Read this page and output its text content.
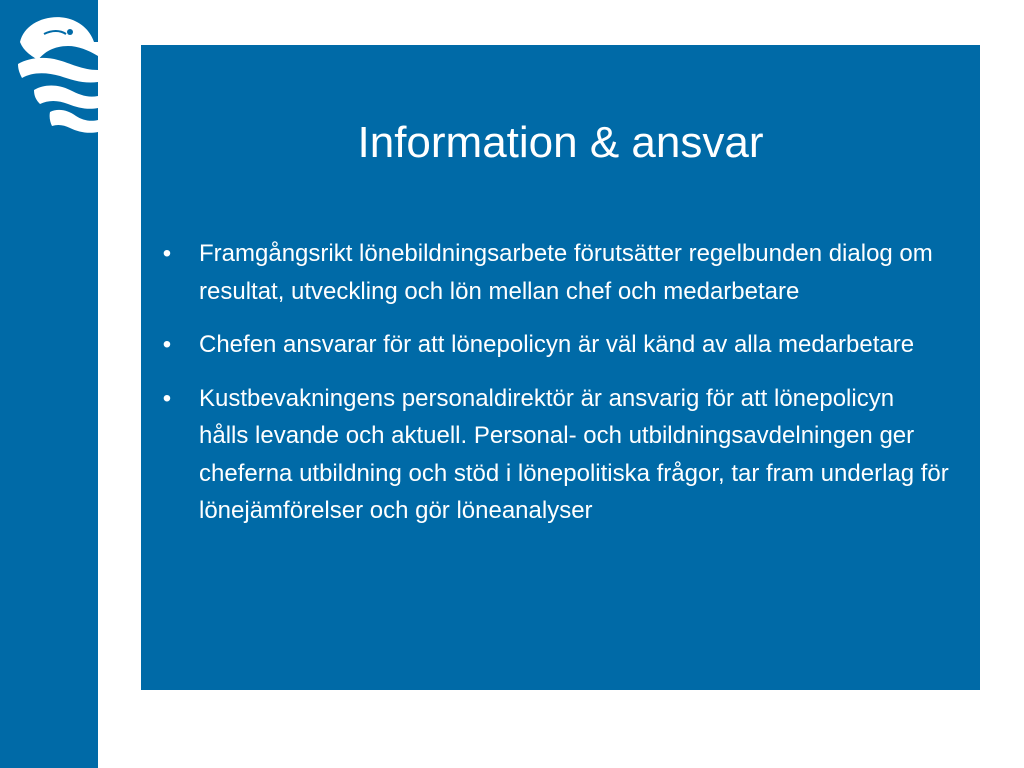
Information & ansvar
• Framgångsrikt lönebildningsarbete förutsätter regelbunden dialog om resultat, utveckling och lön mellan chef och medarbetare
• Chefen ansvarar för att lönepolicyn är väl känd av alla medarbetare
• Kustbevakningens personaldirektör är ansvarig för att lönepolicyn hålls levande och aktuell. Personal- och utbildningsavdelningen ger cheferna utbildning och stöd i lönepolitiska frågor, tar fram underlag för lönejämförelser och gör löneanalyser
